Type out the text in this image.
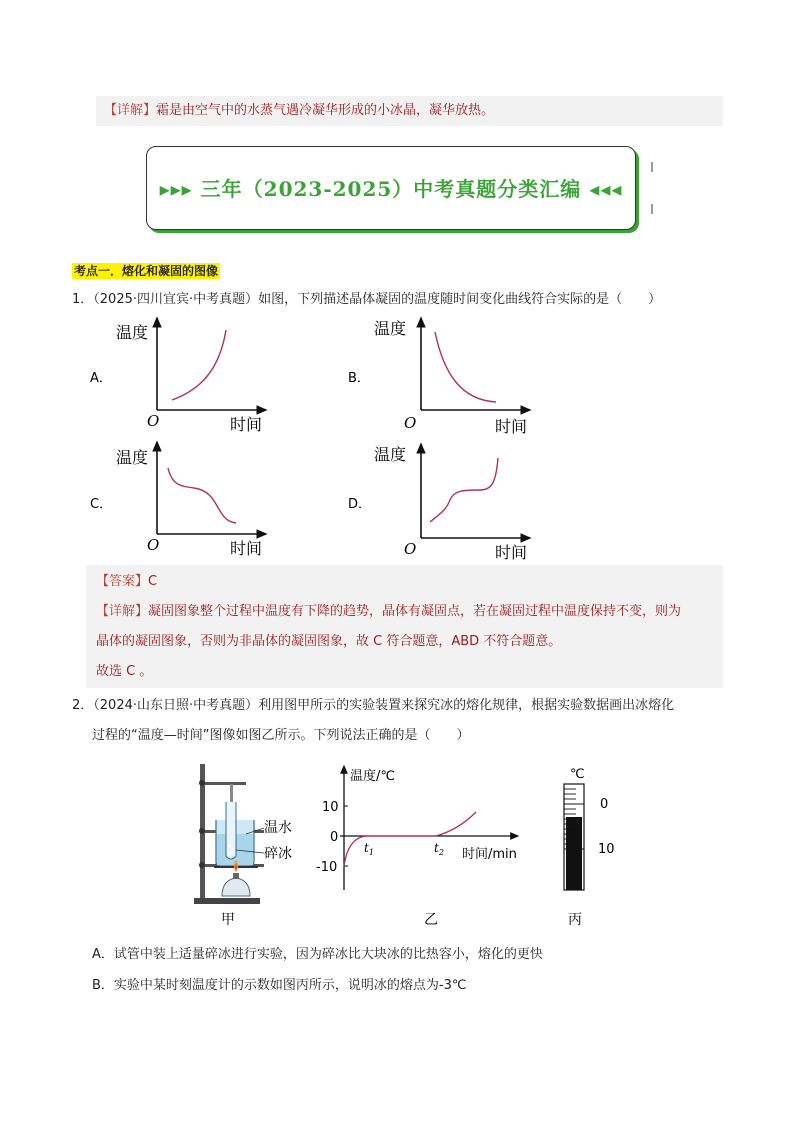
【详解】霜是由空气中的水蒸气遇冷凝华形成的小冰晶，凝华放热。
▸▸▸ 三年（2023-2025）中考真题分类汇编 ◂◂◂
考点一．熔化和凝固的图像
1．（2025·四川宜宾·中考真题）如图，下列描述晶体凝固的温度随时间变化曲线符合实际的是（　　）
A．
温度
时间
O
B．
温度
时间
O
C．
温度
时间
O
D．
温度
时间
O
【答案】C
【详解】凝固图象整个过程中温度有下降的趋势，晶体有凝固点，若在凝固过程中温度保持不变，则为
晶体的凝固图象，否则为非晶体的凝固图象，故 C 符合题意，ABD 不符合题意。
故选 C 。
2．（2024·山东日照·中考真题）利用图甲所示的实验装置来探究冰的熔化规律，根据实验数据画出冰熔化
过程的“温度—时间”图像如图乙所示。下列说法正确的是（　　）
温水
碎冰
甲
温度/℃
10
0
-10
$t_1$	$t_2$ 时间/min
乙
℃
0
10
丙
A．试管中装上适量碎冰进行实验，因为碎冰比大块冰的比热容小，熔化的更快
B．实验中某时刻温度计的示数如图丙所示，说明冰的熔点为-3℃
